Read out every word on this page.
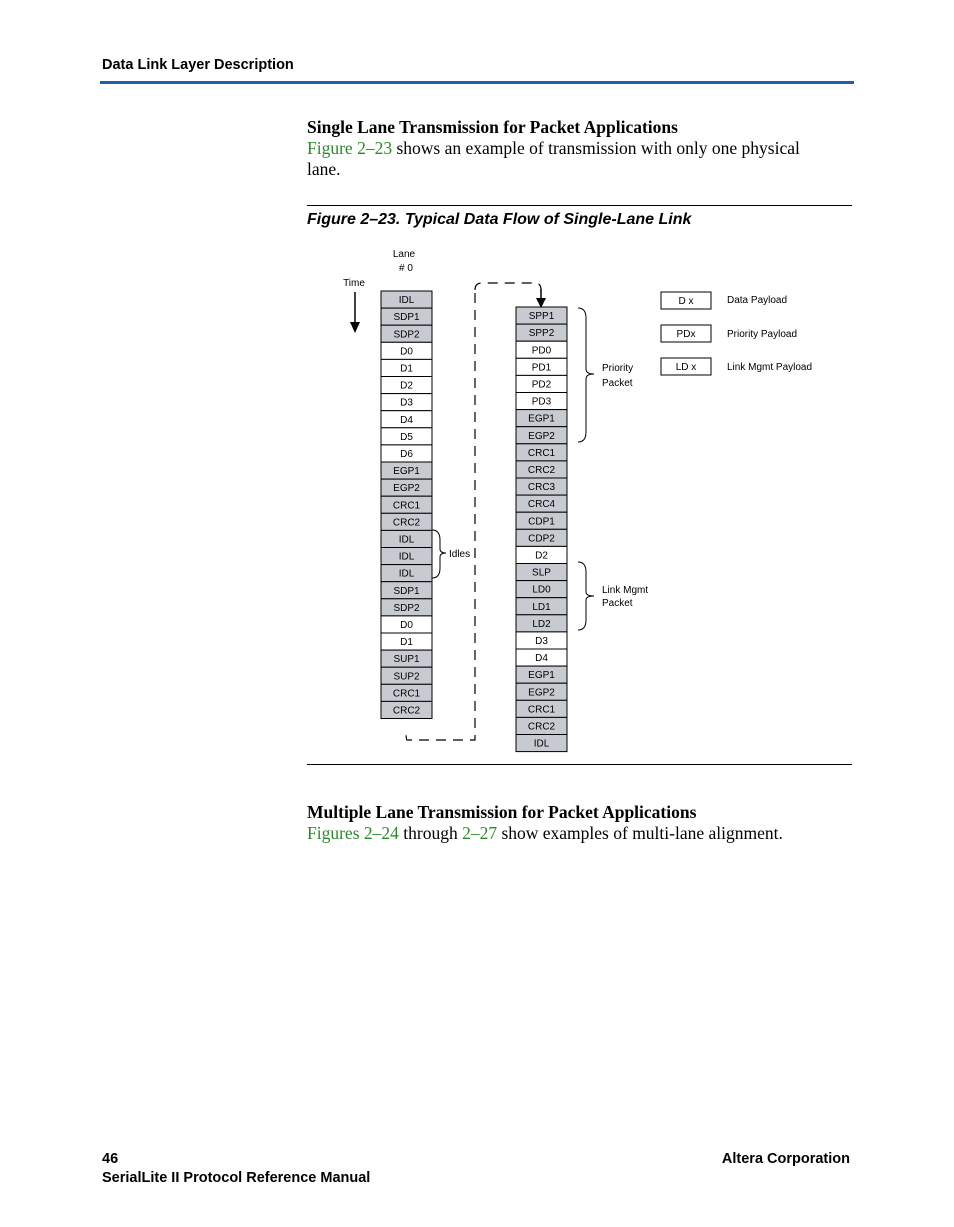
Data Link Layer Description
Single Lane Transmission for Packet Applications
Figure 2–23 shows an example of transmission with only one physical
lane.
Figure 2–23. Typical Data Flow of Single-Lane Link
IDL
SDP1
SDP2
D0
D1
D2
D3
D4
D5
D6
EGP1
EGP2
CRC1
CRC2
IDL
IDL
IDL
SDP1
SDP2
D0
D1
SUP1
SUP2
CRC1
CRC2
SPP1
SPP2
PD0
PD1
PD2
PD3
EGP1
EGP2
CRC1
CRC2
CRC3
CRC4
CDP1
CDP2
D2
SLP
LD0
LD1
LD2
D3
D4
EGP1
EGP2
CRC1
CRC2
IDL
Lane
# 0
Time
Idles
Priority
Packet
Link Mgmt
Packet
D x	Data Payload
PDx	Priority Payload
LD x	Link Mgmt Payload
Multiple Lane Transmission for Packet Applications
Figures 2–24 through 2–27 show examples of multi-lane alignment.
46
SerialLite II Protocol Reference Manual
Altera Corporation
